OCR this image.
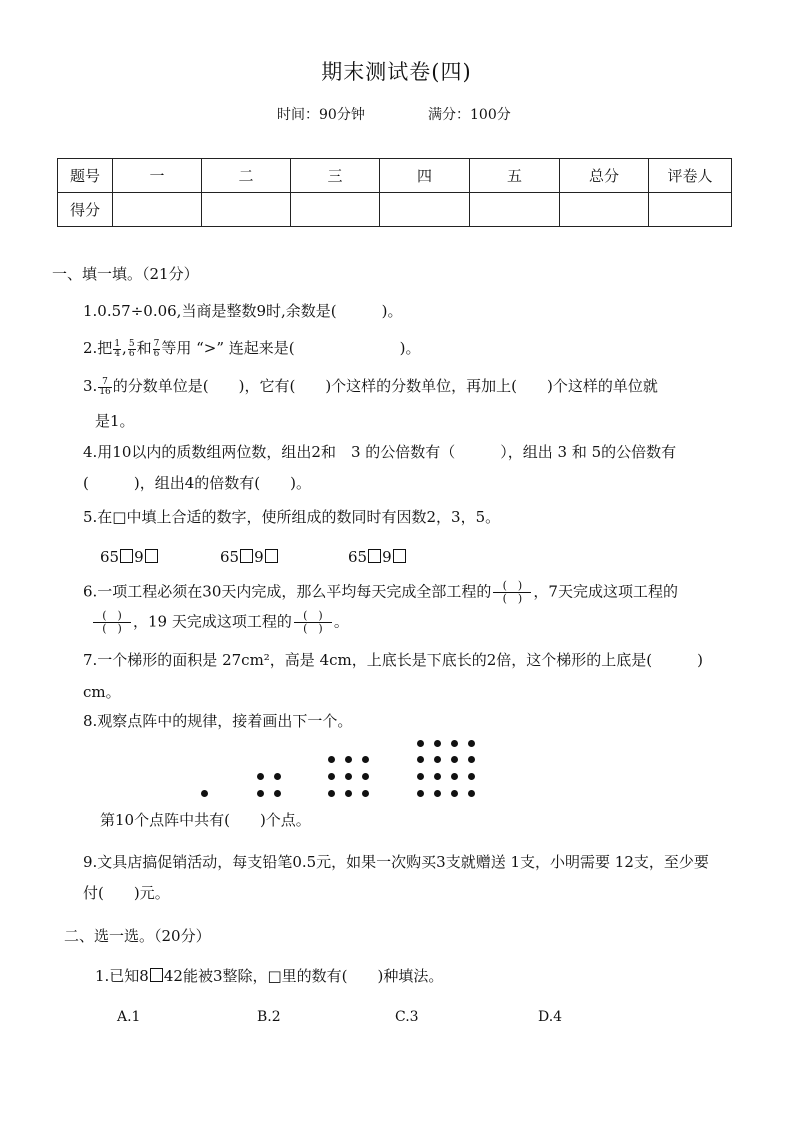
期末测试卷(四)
时间：90分钟	满分：100分
题号	一	二	三	四	五	总分	评卷人
得分							
一、填一填。（21分）
1.0.57÷0.06,当商是整数9时,余数是(　　　)。
2.把 $\frac{1}{4}$ , $\frac{5}{6}$ 和 $\frac{7}{6}$ 等用 “>” 连起来是(　　　　　　　)。
3. $\frac{7}{16}$ 的分数单位是(　　)，它有(　　)个这样的分数单位，再加上(　　)个这样的单位就
是1。
4.用10以内的质数组两位数，组出2和　3 的公倍数有（　　　），组出 3 和 5的公倍数有
(　　　)，组出4的倍数有(　　)。
5.在□中填上合适的数字，使所组成的数同时有因数2，3，5。
65 9	65 9	65 9
6.一项工程必须在30天内完成，那么平均每天完成全部工程的	(　)
(　) ，7天完成这项工程的
(　)
(　) ，19 天完成这项工程的	(　)
(　) 。
7.一个梯形的面积是 27cm²，高是 4cm，上底长是下底长的2倍，这个梯形的上底是(　　　)
cm。
8.观察点阵中的规律，接着画出下一个。
第10个点阵中共有(　　)个点。
9.文具店搞促销活动，每支铅笔0.5元，如果一次购买3支就赠送 1支，小明需要 12支，至少要
付(　　)元。
二、选一选。（20分）
1.已知8 42能被3整除，□里的数有(　　)种填法。
A.1	B.2	C.3	D.4
